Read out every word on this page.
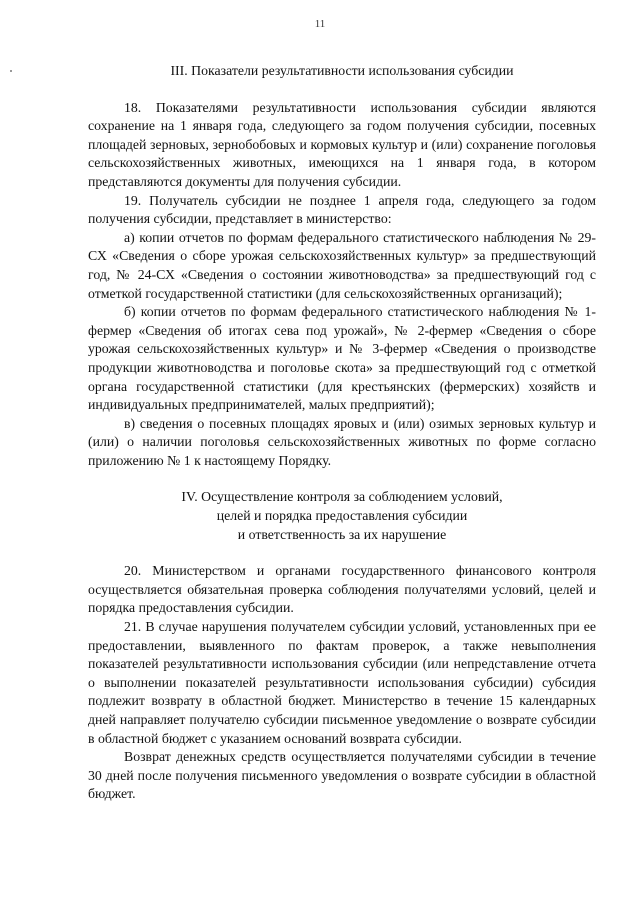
11
III. Показатели результативности использования субсидии

18. Показателями результативности использования субсидии являются сохранение на 1 января года, следующего за годом получения субсидии, посевных площадей зерновых, зернобобовых и кормовых культур и (или) сохранение поголовья сельскохозяйственных животных, имеющихся на 1 января года, в котором представляются документы для получения субсидии.

19. Получатель субсидии не позднее 1 апреля года, следующего за годом получения субсидии, представляет в министерство:

а) копии отчетов по формам федерального статистического наблюдения № 29-СХ «Сведения о сборе урожая сельскохозяйственных культур» за предшествующий год, № 24-СХ «Сведения о состоянии животноводства» за предшествующий год с отметкой государственной статистики (для сельскохозяйственных организаций);

б) копии отчетов по формам федерального статистического наблюдения № 1-фермер «Сведения об итогах сева под урожай», № 2-фермер «Сведения о сборе урожая сельскохозяйственных культур» и № 3-фермер «Сведения о производстве продукции животноводства и поголовье скота» за предшествующий год с отметкой органа государственной статистики (для крестьянских (фермерских) хозяйств и индивидуальных предпринимателей, малых предприятий);

в) сведения о посевных площадях яровых и (или) озимых зерновых культур и (или) о наличии поголовья сельскохозяйственных животных по форме согласно приложению № 1 к настоящему Порядку.

IV. Осуществление контроля за соблюдением условий,
целей и порядка предоставления субсидии
и ответственность за их нарушение

20. Министерством и органами государственного финансового контроля осуществляется обязательная проверка соблюдения получателями условий, целей и порядка предоставления субсидии.

21. В случае нарушения получателем субсидии условий, установленных при ее предоставлении, выявленного по фактам проверок, а также невыполнения показателей результативности использования субсидии (или непредставление отчета о выполнении показателей результативности использования субсидии) субсидия подлежит возврату в областной бюджет. Министерство в течение 15 календарных дней направляет получателю субсидии письменное уведомление о возврате субсидии в областной бюджет с указанием оснований возврата субсидии.

Возврат денежных средств осуществляется получателями субсидии в течение 30 дней после получения письменного уведомления о возврате субсидии в областной бюджет.
